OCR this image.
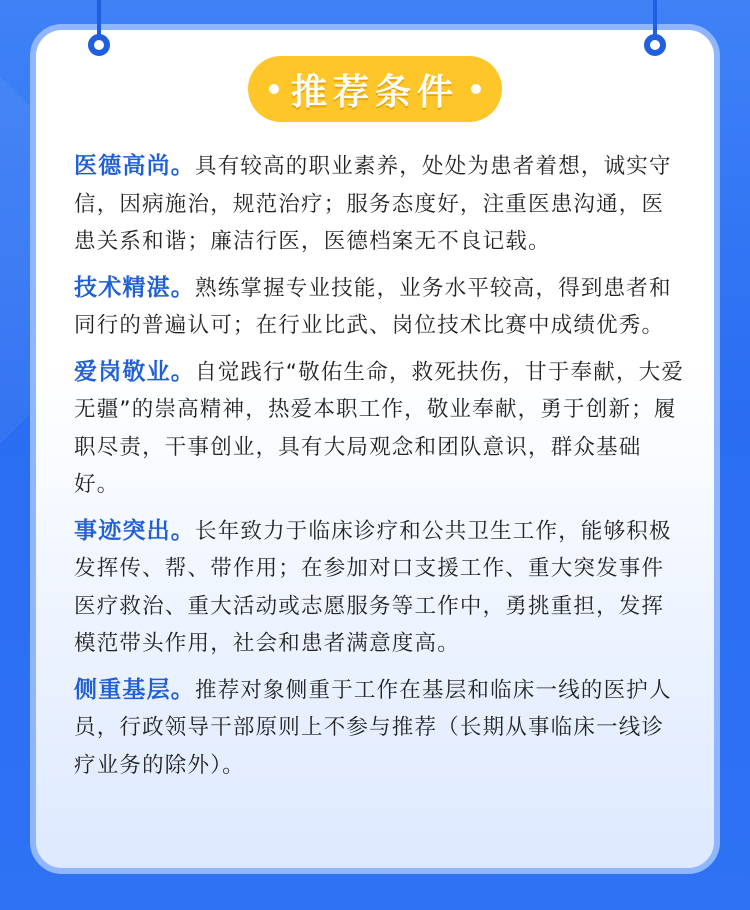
推荐条件

医德高尚。具有较高的职业素养，处处为患者着想，诚实守信，因病施治，规范治疗；服务态度好，注重医患沟通，医患关系和谐；廉洁行医，医德档案无不良记载。

技术精湛。熟练掌握专业技能，业务水平较高，得到患者和同行的普遍认可；在行业比武、岗位技术比赛中成绩优秀。

爱岗敬业。自觉践行“敬佑生命，救死扶伤，甘于奉献，大爱无疆”的崇高精神，热爱本职工作，敬业奉献，勇于创新；履职尽责，干事创业，具有大局观念和团队意识，群众基础好。

事迹突出。长年致力于临床诊疗和公共卫生工作，能够积极发挥传、帮、带作用；在参加对口支援工作、重大突发事件医疗救治、重大活动或志愿服务等工作中，勇挑重担，发挥模范带头作用，社会和患者满意度高。

侧重基层。推荐对象侧重于工作在基层和临床一线的医护人员，行政领导干部原则上不参与推荐（长期从事临床一线诊疗业务的除外）。
